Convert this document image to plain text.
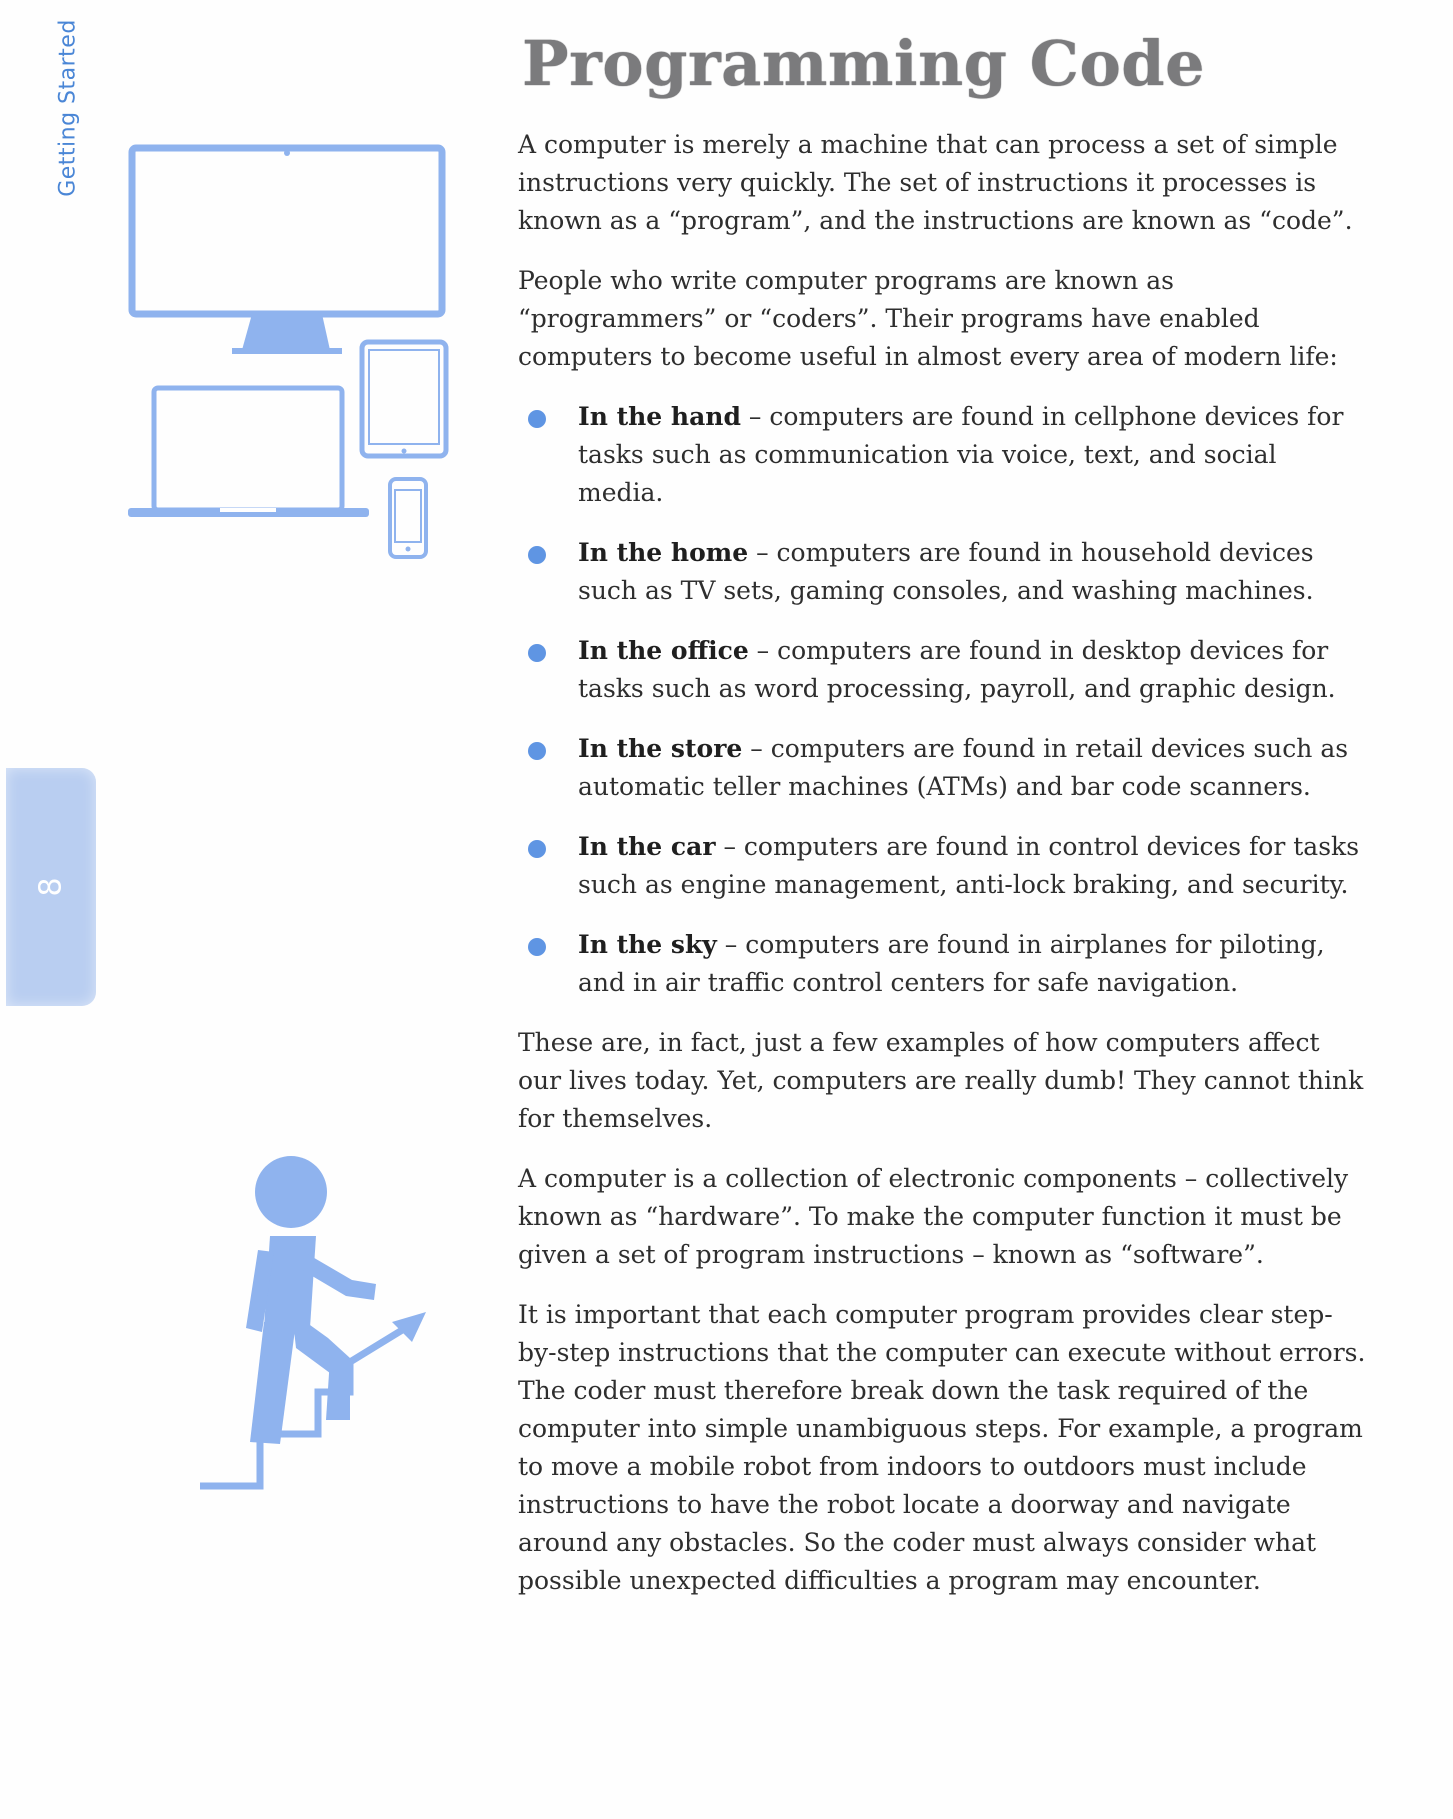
Getting Started
8
Programming Code

A computer is merely a machine that can process a set of simple instructions very quickly. The set of instructions it processes is known as a “program”, and the instructions are known as “code”.

People who write computer programs are known as “programmers” or “coders”. Their programs have enabled computers to become useful in almost every area of modern life:

In the hand – computers are found in cellphone devices for tasks such as communication via voice, text, and social media.
In the home – computers are found in household devices such as TV sets, gaming consoles, and washing machines.
In the office – computers are found in desktop devices for tasks such as word processing, payroll, and graphic design.
In the store – computers are found in retail devices such as automatic teller machines (ATMs) and bar code scanners.
In the car – computers are found in control devices for tasks such as engine management, anti-lock braking, and security.
In the sky – computers are found in airplanes for piloting, and in air traffic control centers for safe navigation.

These are, in fact, just a few examples of how computers affect our lives today. Yet, computers are really dumb! They cannot think for themselves.

A computer is a collection of electronic components – collectively known as “hardware”. To make the computer function it must be given a set of program instructions – known as “software”.

It is important that each computer program provides clear step-by-step instructions that the computer can execute without errors. The coder must therefore break down the task required of the computer into simple unambiguous steps. For example, a program to move a mobile robot from indoors to outdoors must include instructions to have the robot locate a doorway and navigate around any obstacles. So the coder must always consider what possible unexpected difficulties a program may encounter.
